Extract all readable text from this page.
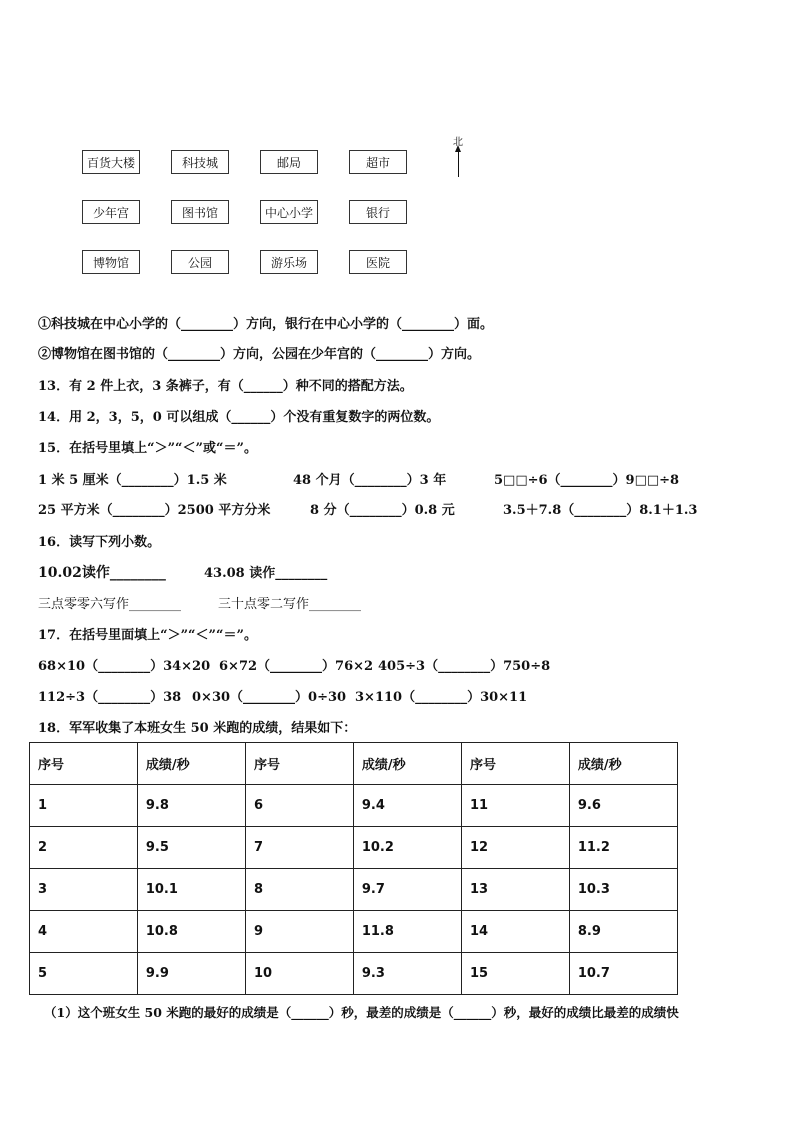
百货大楼	科技城	邮局	超市
少年宫	图书馆	中心小学	银行
博物馆	公园	游乐场	医院
北
①科技城在中心小学的（________）方向，银行在中心小学的（________）面。
②博物馆在图书馆的（________）方向，公园在少年宫的（________）方向。
13．有 2 件上衣，3 条裤子，有（______）种不同的搭配方法。
14．用 2，3，5，0 可以组成（______）个没有重复数字的两位数。
15．在括号里填上“＞”“＜”或“＝”。
1 米 5 厘米（________）1.5 米	48 个月（________）3 年	5□□÷6（________）9□□÷8
25 平方米（________）2500 平方分米	8 分（________）0.8 元	3.5＋7.8（________）8.1＋1.3
16．读写下列小数。
10.02读作________	43.08 读作________
三点零零六写作________	三十点零二写作________
17．在括号里面填上“＞”“＜”“＝”。
68×10（________）34×20 6×72（________）76×2 405÷3（________）750÷8
112÷3（________）38 0×30（________）0÷30 3×110（________）30×11
18．军军收集了本班女生 50 米跑的成绩，结果如下：
序号	成绩/秒	序号	成绩/秒	序号	成绩/秒
1	9.8	6	9.4	11	9.6
2	9.5	7	10.2	12	11.2
3	10.1	8	9.7	13	10.3
4	10.8	9	11.8	14	8.9
5	9.9	10	9.3	15	10.7
（1）这个班女生 50 米跑的最好的成绩是（______）秒，最差的成绩是（______）秒，最好的成绩比最差的成绩快
